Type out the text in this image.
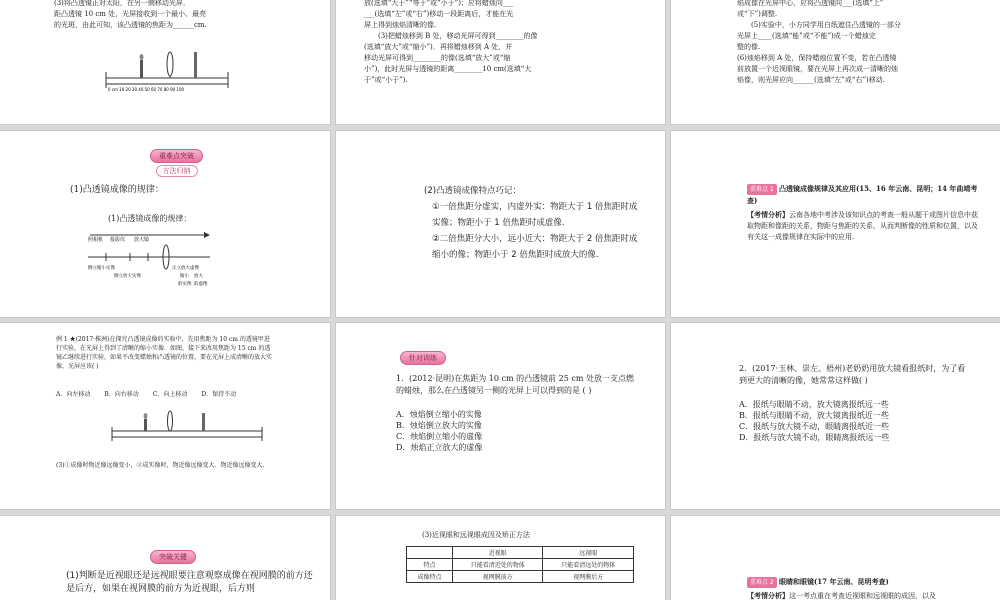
(3)将凸透镜正对太阳，在另一侧移动光屏，
距凸透镜 10 cm 处，光屏接收到一个最小、最亮
的光斑，由此可知，该凸透镜的焦距为______cm.
0 cm 10 20 30 40 50 60 70 80 90 100
放(选填“大于”“等于”或“小于”)；应将蜡烛向___
___(选填“左”或“右”)移动一段距离后，才能在光
屏上得到烛焰清晰的像.
(3)把蜡烛移到 B 处，移动光屏可得到________的像
(选填“放大”或“缩小”)．再将蜡烛移到 A 处，并
移动光屏可得到________的像(选填“放大”或“缩
小”)，此时光屏与透镜的距离________10 cm(选填“大
于”或“小于”).
焰成像在光屏中心，应将凸透镜向___(选填“上”
或“下”)调整.
(5)实验中，小方同学用白纸遮住凸透镜的一部分
光屏上____(选填“能”或“不能”)成一个蜡烛完
整的像.
(6)烛焰移到 A 处，保持蜡烛位置不变，若在凸透镜
前放置一个近视眼镜，要在光屏上再次成一清晰的烛
焰像，则光屏应向______(选填“左”或“右”)移动.
重难点突破
方法归纳
(1)凸透镜成像的规律：
(1)凸透镜成像的规律：
照相机 投影仪 放大镜
倒立缩小实像
倒立放大实像
正立放大虚像
缩小 放大
的实像 的虚像
(2)凸透镜成像特点巧记：
①一倍焦距分虚实，内虚外实：物距大于 1 倍焦距时成实像；物距小于 1 倍焦距时成虚像.
②二倍焦距分大小，远小近大：物距大于 2 倍焦距时成缩小的像；物距小于 2 倍焦距时成放大的像.
重难点 1 凸透镜成像规律及其应用(15、16 年云南、昆明；14 年曲靖考查)
【考情分析】云南各地中考涉及该知识点的考查一般从题干或图片信息中获取物距和像距的关系，物距与焦距的关系，从而判断像的性质和位置，以及有关这一成像规律在实际中的应用.
例 1 ★(2017·株洲)在探究凸透镜成像的实验中，先用焦距为 10 cm 的透镜甲进行实验，在光屏上得到了清晰的缩小实像．如图，接下来改用焦距为 15 cm 的透镜乙继续进行实验，如果不改变蜡烛和凸透镜的位置，要在光屏上成清晰的放大实像，光屏应该( )
A．向左移动 B．向右移动 C．向上移动 D．保持不动
(3)①成像时物近像远像变小，②成实像时，物近像远像变大．物近像远像变大.
针对训练
1．(2012·昆明)在焦距为 10 cm 的凸透镜前 25 cm 处放一支点燃的蜡烛，那么在凸透镜另一侧的光屏上可以得到的是 ( )
A．烛焰倒立缩小的实像
B．烛焰倒立放大的实像
C．烛焰倒立缩小的虚像
D．烛焰正立放大的虚像
2．(2017·玉林、崇左、梧州)老奶奶用放大镜看报纸时，为了看到更大的清晰的像，她常常这样做( )
A．报纸与眼睛不动，放大镜离报纸远一些
B．报纸与眼睛不动，放大镜离报纸近一些
C．报纸与放大镜不动，眼睛离报纸近一些
D．报纸与放大镜不动，眼睛离报纸远一些
突破关键
(1)判断是近视眼还是远视眼要注意观察成像在视网膜的前方还是后方，如果在视网膜的前方为近视眼，后方则
(3)近视眼和远视眼成因及矫正方法
	近视眼	远视眼
特点	只能看清近处的物体	只能看清远处的物体
成像特点	视网膜前方	视网膜后方
重难点 2 眼睛和眼镜(17 年云南、昆明考查)
【考情分析】这一考点重在考查近视眼和远视眼的成因，以及
